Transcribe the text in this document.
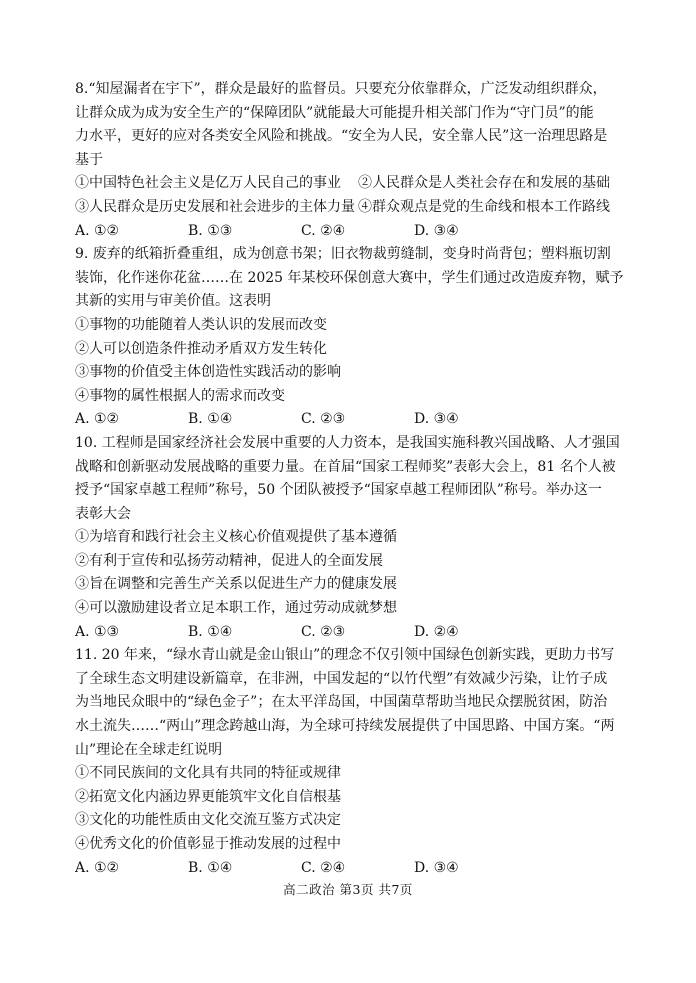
8.“知屋漏者在宇下”，群众是最好的监督员。只要充分依靠群众，广泛发动组织群众，
让群众成为成为安全生产的“保障团队”就能最大可能提升相关部门作为“守门员”的能
力水平，更好的应对各类安全风险和挑战。“安全为人民，安全靠人民”这一治理思路是
基于
①中国特色社会主义是亿万人民自己的事业 ②人民群众是人类社会存在和发展的基础
③人民群众是历史发展和社会进步的主体力量 ④群众观点是党的生命线和根本工作路线
A. ①②	B. ①③	C. ②④	D. ③④
9. 废弃的纸箱折叠重组，成为创意书架；旧衣物裁剪缝制，变身时尚背包；塑料瓶切割
装饰，化作迷你花盆……在 2025 年某校环保创意大赛中，学生们通过改造废弃物，赋予
其新的实用与审美价值。这表明
①事物的功能随着人类认识的发展而改变
②人可以创造条件推动矛盾双方发生转化
③事物的价值受主体创造性实践活动的影响
④事物的属性根据人的需求而改变
A. ①②	B. ①④	C. ②③	D. ③④
10. 工程师是国家经济社会发展中重要的人力资本，是我国实施科教兴国战略、人才强国
战略和创新驱动发展战略的重要力量。在首届“国家工程师奖”表彰大会上，81 名个人被
授予“国家卓越工程师”称号，50 个团队被授予“国家卓越工程师团队”称号。举办这一
表彰大会
①为培育和践行社会主义核心价值观提供了基本遵循
②有利于宣传和弘扬劳动精神，促进人的全面发展
③旨在调整和完善生产关系以促进生产力的健康发展
④可以激励建设者立足本职工作，通过劳动成就梦想
A. ①③	B. ①④	C. ②③	D. ②④
11. 20 年来，“绿水青山就是金山银山”的理念不仅引领中国绿色创新实践，更助力书写
了全球生态文明建设新篇章，在非洲，中国发起的“以竹代塑”有效减少污染，让竹子成
为当地民众眼中的“绿色金子”；在太平洋岛国，中国菌草帮助当地民众摆脱贫困，防治
水土流失……“两山”理念跨越山海，为全球可持续发展提供了中国思路、中国方案。“两
山”理论在全球走红说明
①不同民族间的文化具有共同的特征或规律
②拓宽文化内涵边界更能筑牢文化自信根基
③文化的功能性质由文化交流互鉴方式决定
④优秀文化的价值彰显于推动发展的过程中
A. ①②	B. ①④	C. ②④	D. ③④
高二政治 第3页 共7页
